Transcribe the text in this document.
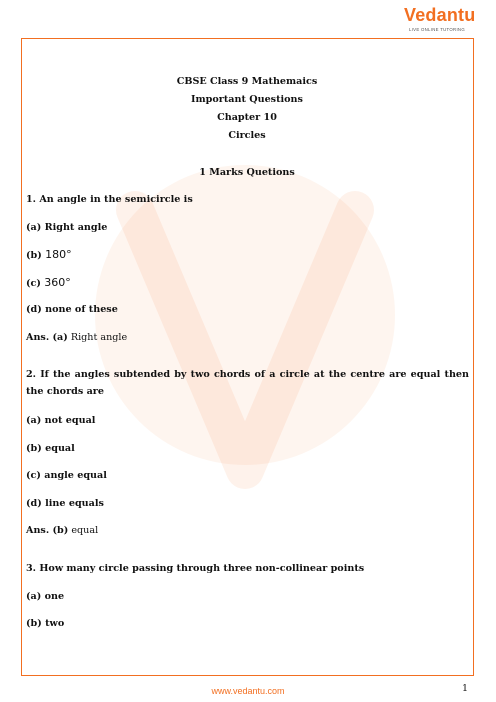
Vedantu
LIVE ONLINE TUTORING
CBSE Class 9 Mathemaics
Important Questions
Chapter 10
Circles
1 Marks Quetions
1. An angle in the semicircle is
(a) Right angle
(b) 180°
(c) 360°
(d) none of these
Ans. (a) Right angle
2. If the angles subtended by two chords of a circle at the centre are equal then the chords are
(a) not equal
(b) equal
(c) angle equal
(d) line equals
Ans. (b) equal
3. How many circle passing through three non-collinear points
(a) one
(b) two
1
www.vedantu.com
